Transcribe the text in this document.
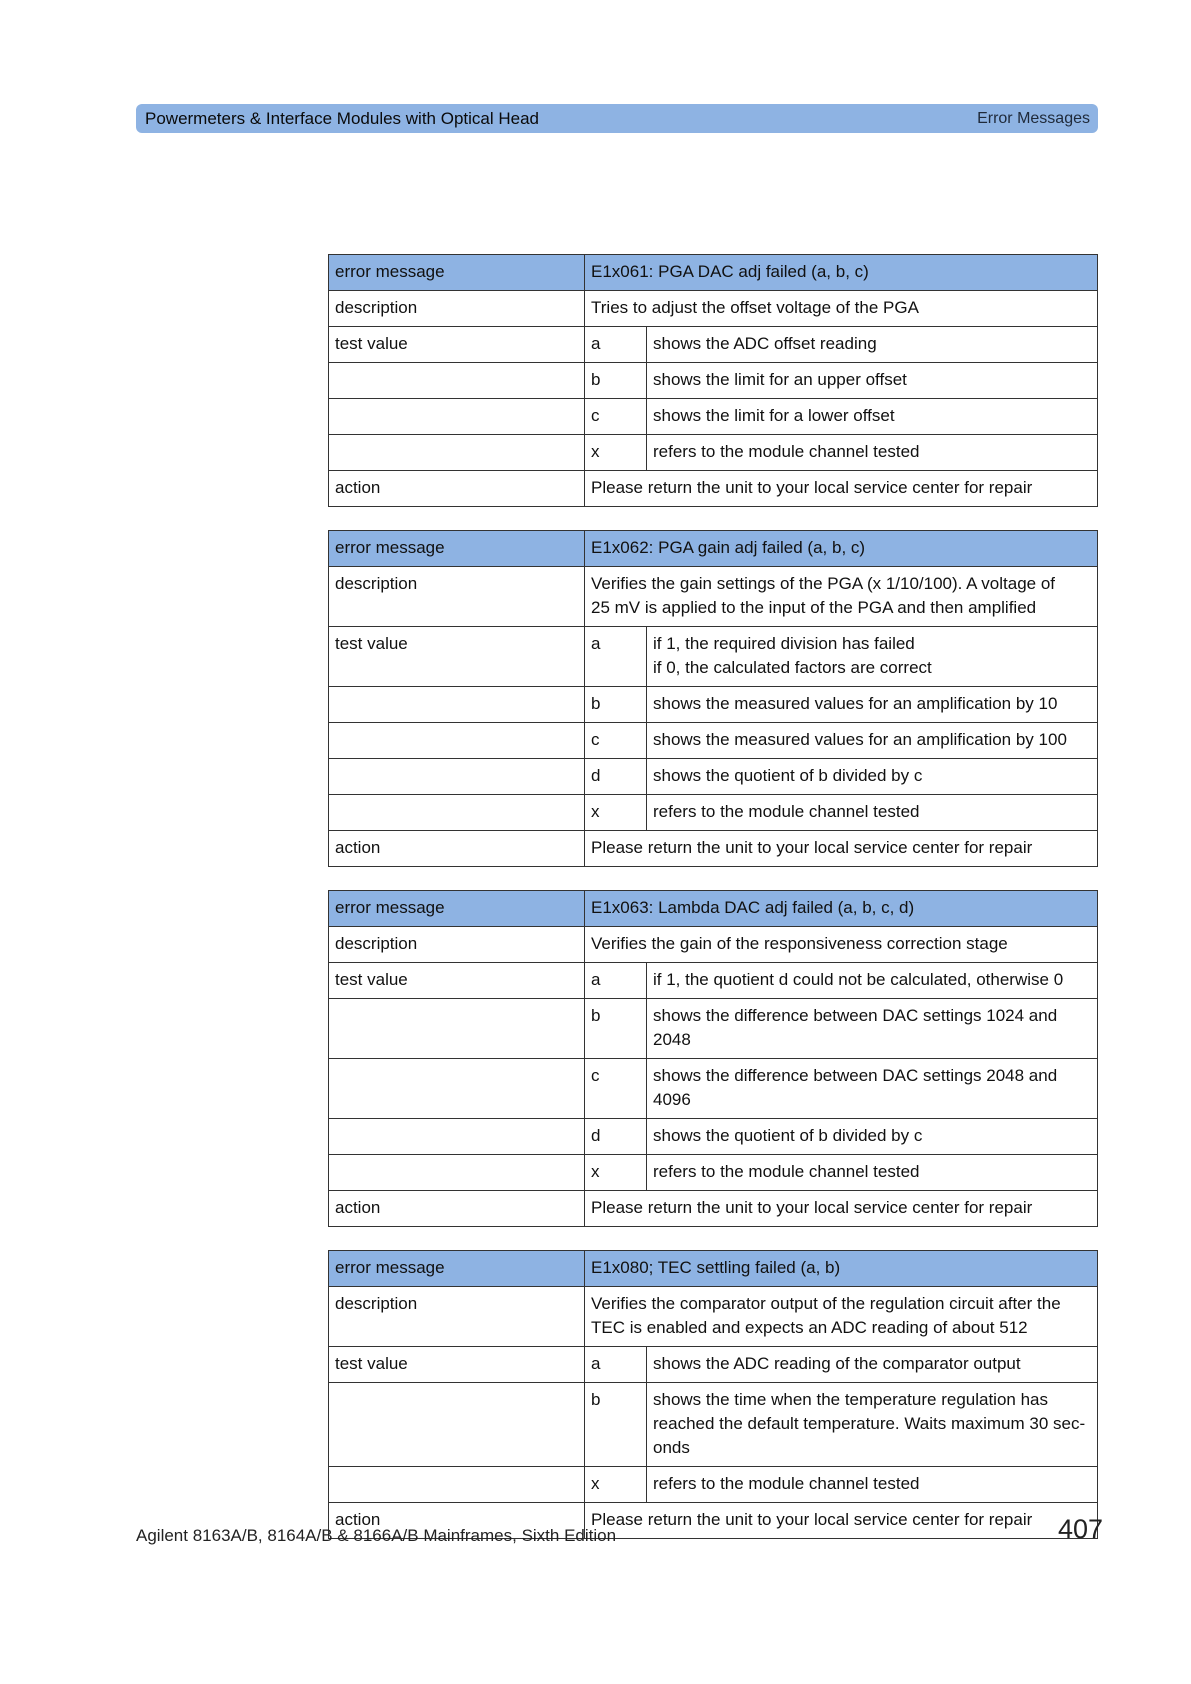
Powermeters & Interface Modules with Optical Head	Error Messages
error message	E1x061: PGA DAC adj failed (a, b, c)	
description	Tries to adjust the offset voltage of the PGA	

test value	a	shows the ADC offset reading

	b	shows the limit for an upper offset

	c	shows the limit for a lower offset

	x	refers to the module channel tested

action	Please return the unit to your local service center for repair	
error message	E1x062: PGA gain adj failed (a, b, c)	
description	Verifies the gain settings of the PGA (x 1/10/100). A voltage of
25 mV is applied to the input of the PGA and then amplified	

test value	a	if 1, the required division has failed
if 0, the calculated factors are correct

	b	shows the measured values for an amplification by 10

	c	shows the measured values for an amplification by 100

	d	shows the quotient of b divided by c

	x	refers to the module channel tested

action	Please return the unit to your local service center for repair	
error message	E1x063: Lambda DAC adj failed (a, b, c, d)	
description	Verifies the gain of the responsiveness correction stage	

test value	a	if 1, the quotient d could not be calculated, otherwise 0

	b	shows the difference between DAC settings 1024 and
2048

	c	shows the difference between DAC settings 2048 and
4096

	d	shows the quotient of b divided by c

	x	refers to the module channel tested

action	Please return the unit to your local service center for repair	
error message	E1x080; TEC settling failed (a, b)	
description	Verifies the comparator output of the regulation circuit after the
TEC is enabled and expects an ADC reading of about 512	

test value	a	shows the ADC reading of the comparator output

	b	shows the time when the temperature regulation has
reached the default temperature. Waits maximum 30 sec-
onds

	x	refers to the module channel tested

action	Please return the unit to your local service center for repair	
Agilent 8163A/B, 8164A/B & 8166A/B Mainframes, Sixth Edition	407
